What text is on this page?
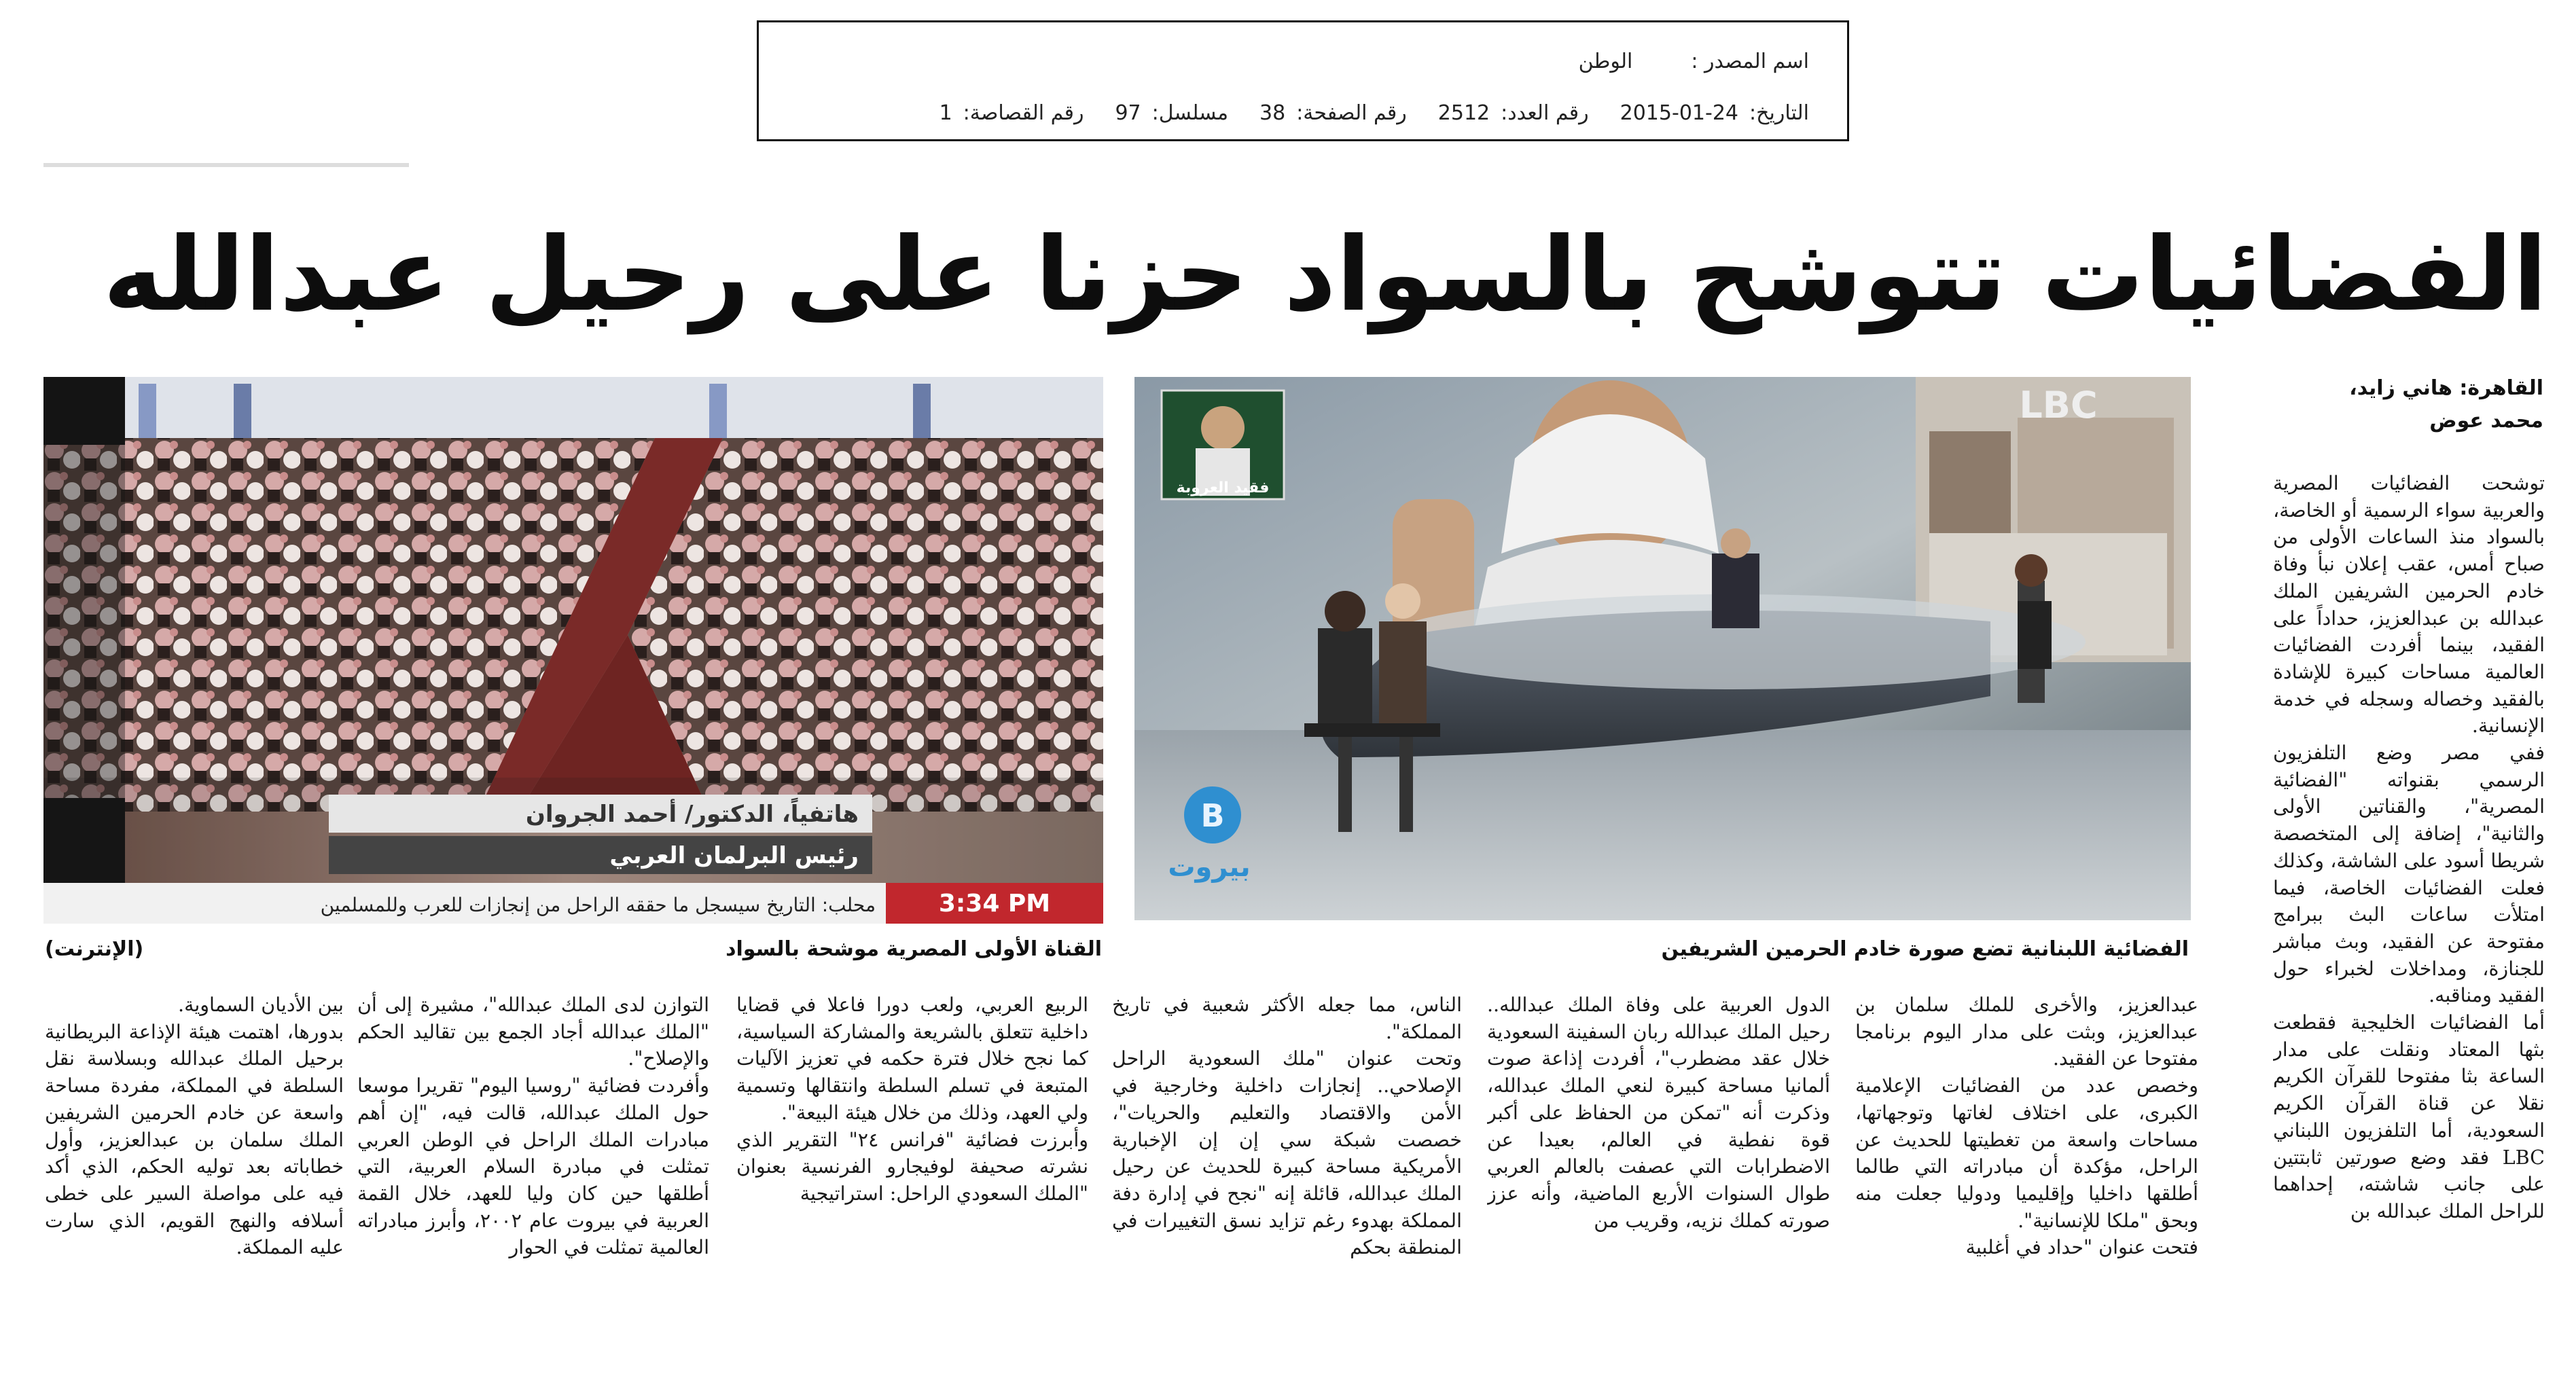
اسم المصدر :الوطن
التاريخ:24-01-2015
رقم العدد:2512
رقم الصفحة:38
مسلسل:97
رقم القصاصة:1
الفضائيات تتوشح بالسواد حزنا على رحيل عبدالله
القاهرة: هاني زايد،
محمد عوض
توشحت الفضائيات المصرية والعربية سواء الرسمية أو الخاصة، بالسواد منذ الساعات الأولى من صباح أمس، عقب إعلان نبأ وفاة خادم الحرمين الشريفين الملك عبدالله بن عبدالعزيز، حداداً على الفقيد، بينما أفردت الفضائيات العالمية مساحات كبيرة للإشادة بالفقيد وخصاله وسجله في خدمة الإنسانية.
ففي مصر وضع التلفزيون الرسمي بقنواته "الفضائية المصرية"، والقناتين الأولى والثانية"، إضافة إلى المتخصصة شريطا أسود على الشاشة، وكذلك فعلت الفضائيات الخاصة، فيما امتلأت ساعات البث ببرامج مفتوحة عن الفقيد، وبث مباشر للجنازة، ومداخلات لخبراء حول الفقيد ومناقبه.
أما الفضائيات الخليجية فقطعت بثها المعتاد ونقلت على مدار الساعة بثا مفتوحا للقرآن الكريم نقلا عن قناة القرآن الكريم السعودية، أما التلفزيون اللبناني LBC فقد وضع صورتين ثابتتين على جانب شاشته، إحداهما للراحل الملك عبدالله بن
LBC
فقيد العروبة
B
بيروت
هاتفياً، الدكتور/ أحمد الجروان
رئيس البرلمان العربي
3:34 PM
محلب: التاريخ سيسجل ما حققه الراحل من إنجازات للعرب وللمسلمين
الفضائية اللبنانية تضع صورة خادم الحرمين الشريفين
القناة الأولى المصرية موشحة بالسواد
(الإنترنت)
عبدالعزيز، والأخرى للملك سلمان بن عبدالعزيز، وبثت على مدار اليوم برنامجا مفتوحا عن الفقيد.
وخصص عدد من الفضائيات الإعلامية الكبرى، على اختلاف لغاتها وتوجهاتها، مساحات واسعة من تغطيتها للحديث عن الراحل، مؤكدة أن مبادراته التي طالما أطلقها داخليا وإقليميا ودوليا جعلت منه وبحق "ملكا للإنسانية".
فتحت عنوان "حداد في أغلبية
الدول العربية على وفاة الملك عبدالله.. رحيل الملك عبدالله ربان السفينة السعودية خلال عقد مضطرب"، أفردت إذاعة صوت ألمانيا مساحة كبيرة لنعي الملك عبدالله، وذكرت أنه "تمكن من الحفاظ على أكبر قوة نفطية في العالم، بعيدا عن الاضطرابات التي عصفت بالعالم العربي طوال السنوات الأربع الماضية، وأنه عزز صورته كملك نزيه، وقريب من
الناس، مما جعله الأكثر شعبية في تاريخ المملكة".
وتحت عنوان "ملك السعودية الراحل الإصلاحي.. إنجازات داخلية وخارجية في الأمن والاقتصاد والتعليم والحريات"، خصصت شبكة سي إن إن الإخبارية الأمريكية مساحة كبيرة للحديث عن رحيل الملك عبدالله، قائلة إنه "نجح في إدارة دفة المملكة بهدوء رغم تزايد نسق التغييرات في المنطقة بحكم
الربيع العربي، ولعب دورا فاعلا في قضايا داخلية تتعلق بالشريعة والمشاركة السياسية، كما نجح خلال فترة حكمه في تعزيز الآليات المتبعة في تسلم السلطة وانتقالها وتسمية ولي العهد، وذلك من خلال هيئة البيعة".
وأبرزت فضائية "فرانس ٢٤" التقرير الذي نشرته صحيفة لوفيجارو الفرنسية بعنوان "الملك السعودي الراحل: استراتيجية
التوازن لدى الملك عبدالله"، مشيرة إلى أن "الملك عبدالله أجاد الجمع بين تقاليد الحكم والإصلاح".
وأفردت فضائية "روسيا اليوم" تقريرا موسعا حول الملك عبدالله، قالت فيه، "إن أهم مبادرات الملك الراحل في الوطن العربي تمثلت في مبادرة السلام العربية، التي أطلقها حين كان وليا للعهد، خلال القمة العربية في بيروت عام ٢٠٠٢، وأبرز مبادراته العالمية تمثلت في الحوار
بين الأديان السماوية.
بدورها، اهتمت هيئة الإذاعة البريطانية برحيل الملك عبدالله وبسلاسة نقل السلطة في المملكة، مفردة مساحة واسعة عن خادم الحرمين الشريفين الملك سلمان بن عبدالعزيز، وأول خطاباته بعد توليه الحكم، الذي أكد فيه على مواصلة السير على خطى أسلافه والنهج القويم، الذي سارت عليه المملكة.
